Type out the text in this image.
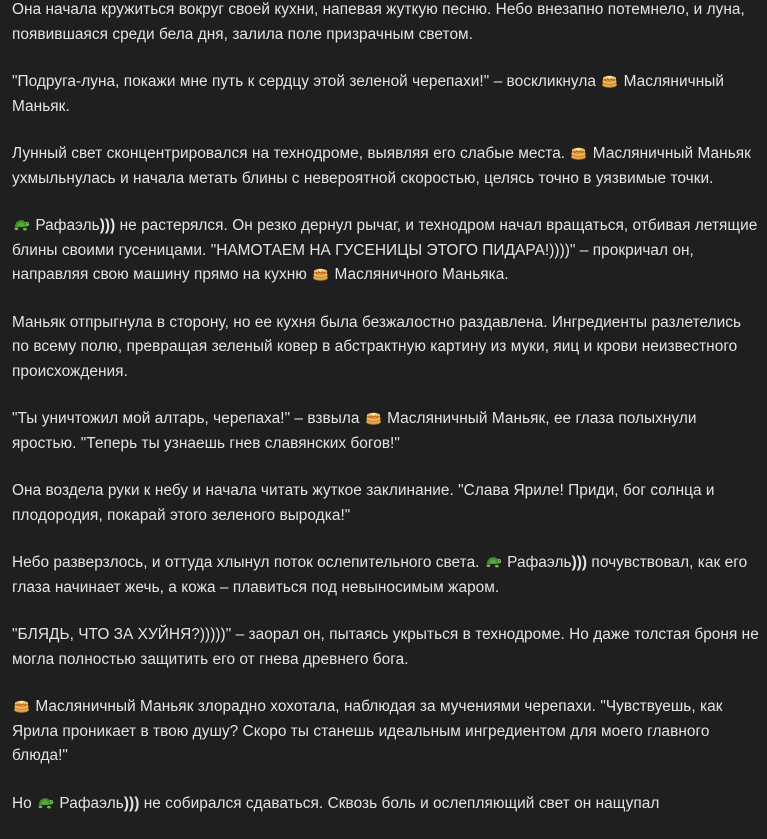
Она начала кружиться вокруг своей кухни, напевая жуткую песню. Небо внезапно потемнело, и луна, появившаяся среди бела дня, залила поле призрачным светом.
"Подруга-луна, покажи мне путь к сердцу этой зеленой черепахи!" – воскликнула  Масляничный Маньяк.
Лунный свет сконцентрировался на технодроме, выявляя его слабые места.  Масляничный Маньяк ухмыльнулась и начала метать блины с невероятной скоростью, целясь точно в уязвимые точки.
Рафаэль))) не растерялся. Он резко дернул рычаг, и технодром начал вращаться, отбивая летящие блины своими гусеницами. "НАМОТАЕМ НА ГУСЕНИЦЫ ЭТОГО ПИДАРА!))))" – прокричал он, направляя свою машину прямо на кухню  Масляничного Маньяка.
Маньяк отпрыгнула в сторону, но ее кухня была безжалостно раздавлена. Ингредиенты разлетелись по всему полю, превращая зеленый ковер в абстрактную картину из муки, яиц и крови неизвестного происхождения.
"Ты уничтожил мой алтарь, черепаха!" – взвыла  Масляничный Маньяк, ее глаза полыхнули яростью. "Теперь ты узнаешь гнев славянских богов!"
Она воздела руки к небу и начала читать жуткое заклинание. "Слава Яриле! Приди, бог солнца и плодородия, покарай этого зеленого выродка!"
Небо разверзлось, и оттуда хлынул поток ослепительного света.  Рафаэль))) почувствовал, как его глаза начинает жечь, а кожа – плавиться под невыносимым жаром.
"БЛЯДЬ, ЧТО ЗА ХУЙНЯ?)))))" – заорал он, пытаясь укрыться в технодроме. Но даже толстая броня не могла полностью защитить его от гнева древнего бога.
Масляничный Маньяк злорадно хохотала, наблюдая за мучениями черепахи. "Чувствуешь, как Ярила проникает в твою душу? Скоро ты станешь идеальным ингредиентом для моего главного блюда!"
Но  Рафаэль))) не собирался сдаваться. Сквозь боль и ослепляющий свет он нащупал
